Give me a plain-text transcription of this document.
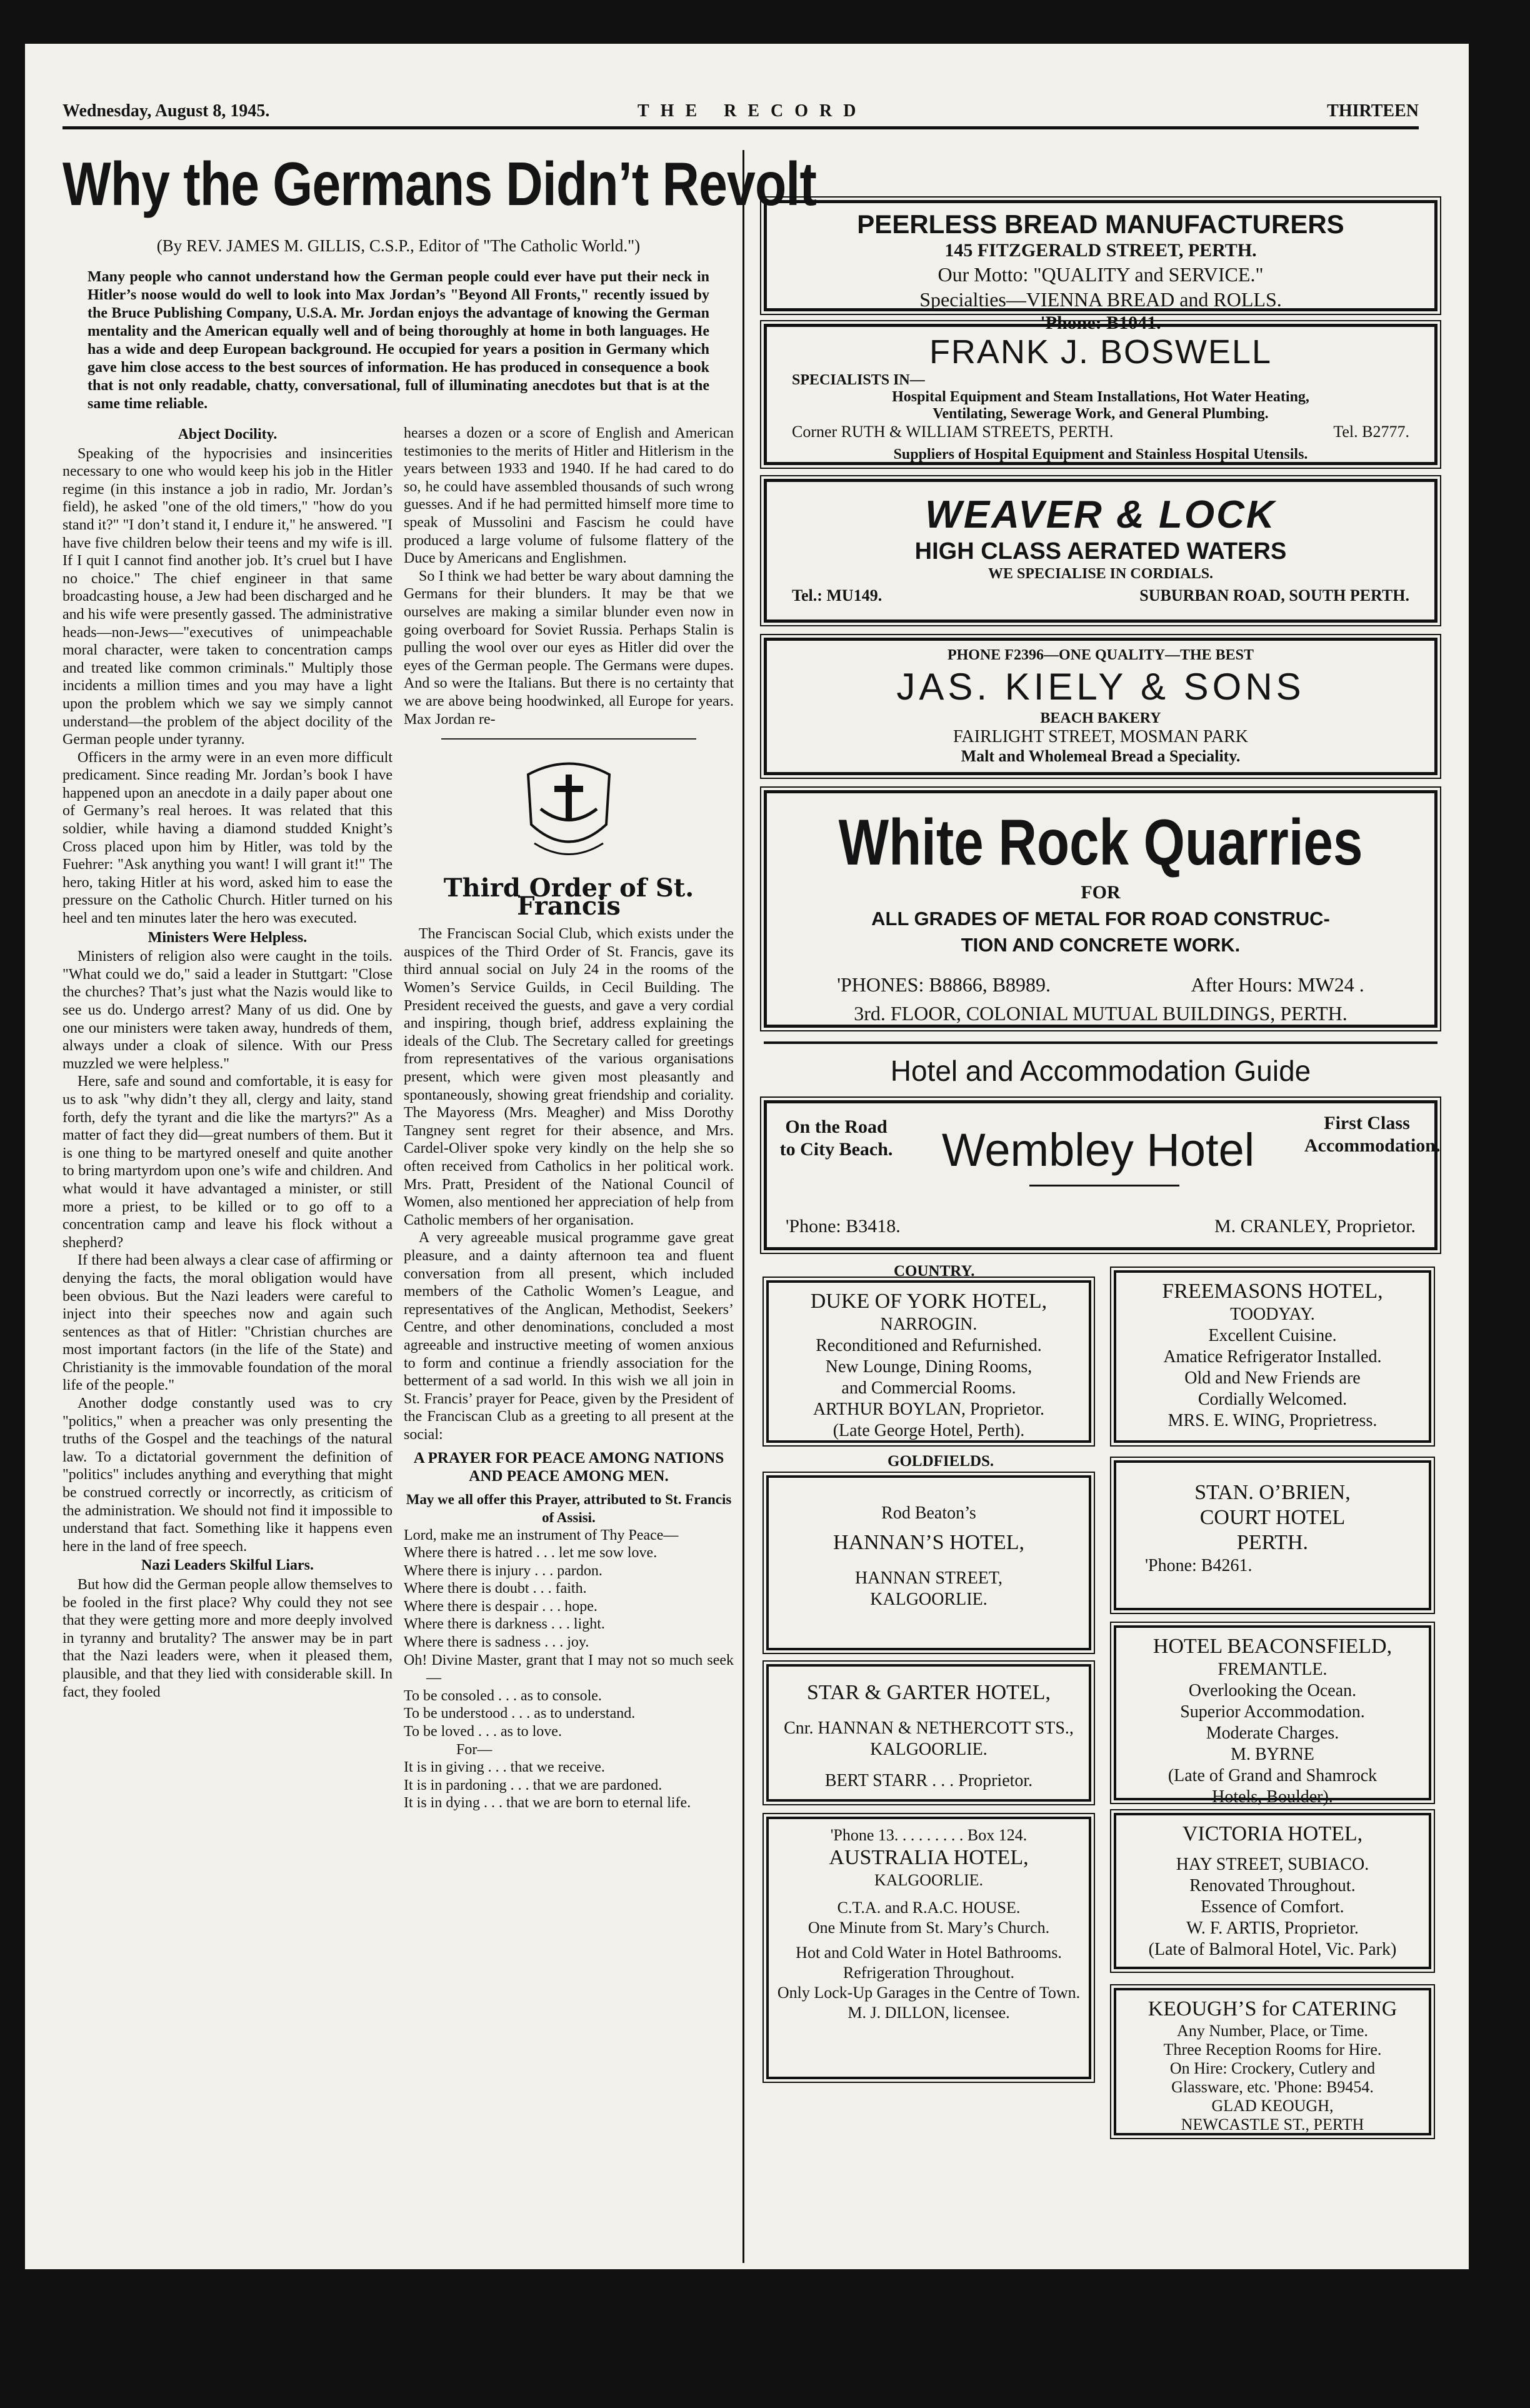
Wednesday, August 8, 1945.	THE RECORD	THIRTEEN
Why the Germans Didn’t Revolt
(By REV. JAMES M. GILLIS, C.S.P., Editor of "The Catholic World.")
Many people who cannot understand how the German people could ever have put their neck in Hitler’s noose would do well to look into Max Jordan’s "Beyond All Fronts," recently issued by the Bruce Publishing Company, U.S.A. Mr. Jordan enjoys the advantage of knowing the German mentality and the American equally well and of being thoroughly at home in both languages. He has a wide and deep European background. He occupied for years a position in Germany which gave him close access to the best sources of information. He has produced in consequence a book that is not only readable, chatty, conversational, full of illuminating anecdotes but that is at the same time reliable.
Abject Docility.

Speaking of the hypocrisies and insincerities necessary to one who would keep his job in the Hitler regime (in this instance a job in radio, Mr. Jordan’s field), he asked "one of the old timers," "how do you stand it?" "I don’t stand it, I endure it," he answered. "I have five children below their teens and my wife is ill. If I quit I cannot find another job. It’s cruel but I have no choice." The chief engineer in that same broadcasting house, a Jew had been discharged and he and his wife were presently gassed. The administrative heads—non-Jews—"executives of unimpeachable moral character, were taken to concentration camps and treated like common criminals." Multiply those incidents a million times and you may have a light upon the problem which we say we simply cannot understand—the problem of the abject docility of the German people under tyranny.

Officers in the army were in an even more difficult predicament. Since reading Mr. Jordan’s book I have happened upon an anecdote in a daily paper about one of Germany’s real heroes. It was related that this soldier, while having a diamond studded Knight’s Cross placed upon him by Hitler, was told by the Fuehrer: "Ask anything you want! I will grant it!" The hero, taking Hitler at his word, asked him to ease the pressure on the Catholic Church. Hitler turned on his heel and ten minutes later the hero was executed.

Ministers Were Helpless.

Ministers of religion also were caught in the toils. "What could we do," said a leader in Stuttgart: "Close the churches? That’s just what the Nazis would like to see us do. Undergo arrest? Many of us did. One by one our ministers were taken away, hundreds of them, always under a cloak of silence. With our Press muzzled we were helpless."

Here, safe and sound and comfortable, it is easy for us to ask "why didn’t they all, clergy and laity, stand forth, defy the tyrant and die like the martyrs?" As a matter of fact they did—great numbers of them. But it is one thing to be martyred oneself and quite another to bring martyrdom upon one’s wife and children. And what would it have advantaged a minister, or still more a priest, to be killed or to go off to a concentration camp and leave his flock without a shepherd?

If there had been always a clear case of affirming or denying the facts, the moral obligation would have been obvious. But the Nazi leaders were careful to inject into their speeches now and again such sentences as that of Hitler: "Christian churches are most important factors (in the life of the State) and Christianity is the immovable foundation of the moral life of the people."

Another dodge constantly used was to cry "politics," when a preacher was only presenting the truths of the Gospel and the teachings of the natural law. To a dictatorial government the definition of "politics" includes anything and everything that might be construed correctly or incorrectly, as criticism of the administration. We should not find it impossible to understand that fact. Something like it happens even here in the land of free speech.

Nazi Leaders Skilful Liars.

But how did the German people allow themselves to be fooled in the first place? Why could they not see that they were getting more and more deeply involved in tyranny and brutality? The answer may be in part that the Nazi leaders were, when it pleased them, plausible, and that they lied with considerable skill. In fact, they fooled

hearses a dozen or a score of English and American testimonies to the merits of Hitler and Hitlerism in the years between 1933 and 1940. If he had cared to do so, he could have assembled thousands of such wrong guesses. And if he had permitted himself more time to speak of Mussolini and Fascism he could have produced a large volume of fulsome flattery of the Duce by Americans and Englishmen.

So I think we had better be wary about damning the Germans for their blunders. It may be that we ourselves are making a similar blunder even now in going overboard for Soviet Russia. Perhaps Stalin is pulling the wool over our eyes as Hitler did over the eyes of the German people. The Germans were dupes. And so were the Italians. But there is no certainty that we are above being hoodwinked, all Europe for years. Max Jordan re-

Third Order of St. Francis

The Franciscan Social Club, which exists under the auspices of the Third Order of St. Francis, gave its third annual social on July 24 in the rooms of the Women’s Service Guilds, in Cecil Building. The President received the guests, and gave a very cordial and inspiring, though brief, address explaining the ideals of the Club. The Secretary called for greetings from representatives of the various organisations present, which were given most pleasantly and spontaneously, showing great friendship and coriality. The Mayoress (Mrs. Meagher) and Miss Dorothy Tangney sent regret for their absence, and Mrs. Cardel-Oliver spoke very kindly on the help she so often received from Catholics in her political work. Mrs. Pratt, President of the National Council of Women, also mentioned her appreciation of help from Catholic members of her organisation.

A very agreeable musical programme gave great pleasure, and a dainty afternoon tea and fluent conversation from all present, which included members of the Catholic Women’s League, and representatives of the Anglican, Methodist, Seekers’ Centre, and other denominations, concluded a most agreeable and instructive meeting of women anxious to form and continue a friendly association for the betterment of a sad world. In this wish we all join in St. Francis’ prayer for Peace, given by the President of the Franciscan Club as a greeting to all present at the social:

A PRAYER FOR PEACE AMONG NATIONS AND PEACE AMONG MEN.
May we all offer this Prayer, attributed to St. Francis of Assisi.
Lord, make me an instrument of Thy Peace—
Where there is hatred . . . let me sow love.
Where there is injury . . . pardon.
Where there is doubt . . . faith.
Where there is despair . . . hope.
Where there is darkness . . . light.
Where there is sadness . . . joy.
Oh! Divine Master, grant that I may not so much seek—
To be consoled . . . as to console.
To be understood . . . as to understand.
To be loved . . . as to love.
For—
It is in giving . . . that we receive.
It is in pardoning . . . that we are pardoned.
It is in dying . . . that we are born to eternal life.
PEERLESS BREAD MANUFACTURERS
145 FITZGERALD STREET, PERTH.
Our Motto: "QUALITY and SERVICE."
Specialties—VIENNA BREAD and ROLLS.
'Phone: B1041.
FRANK J. BOSWELL
SPECIALISTS IN—
Hospital Equipment and Steam Installations, Hot Water Heating,
Ventilating, Sewerage Work, and General Plumbing.
Corner RUTH & WILLIAM STREETS, PERTH.	Tel. B2777.
Suppliers of Hospital Equipment and Stainless Hospital Utensils.
WEAVER & LOCK
HIGH CLASS AERATED WATERS
WE SPECIALISE IN CORDIALS.
Tel.: MU149.	SUBURBAN ROAD, SOUTH PERTH.
PHONE F2396—ONE QUALITY—THE BEST
JAS. KIELY & SONS
BEACH BAKERY
FAIRLIGHT STREET, MOSMAN PARK
Malt and Wholemeal Bread a Speciality.
White Rock Quarries
FOR
ALL GRADES OF METAL FOR ROAD CONSTRUC-
TION AND CONCRETE WORK.
'PHONES: B8866, B8989.	After Hours: MW24 .
3rd. FLOOR, COLONIAL MUTUAL BUILDINGS, PERTH.
Hotel and Accommodation Guide
On the Road to City Beach.	Wembley Hotel
First Class Accommodation.
'Phone: B3418.	M. CRANLEY, Proprietor.
COUNTRY.
GOLDFIELDS.
DUKE OF YORK HOTEL,
NARROGIN.
Reconditioned and Refurnished.
New Lounge, Dining Rooms,
and Commercial Rooms.
ARTHUR BOYLAN, Proprietor.
(Late George Hotel, Perth).
FREEMASONS HOTEL,
TOODYAY.
Excellent Cuisine.
Amatice Refrigerator Installed.
Old and New Friends are
Cordially Welcomed.
MRS. E. WING, Proprietress.
Rod Beaton’s
HANNAN’S HOTEL,
HANNAN STREET,
KALGOORLIE.
STAN. O’BRIEN,
COURT HOTEL
PERTH.
'Phone: B4261.
STAR & GARTER HOTEL,
Cnr. HANNAN & NETHERCOTT STS., KALGOORLIE.
BERT STARR . . . Proprietor.
HOTEL BEACONSFIELD,
FREMANTLE.
Overlooking the Ocean.
Superior Accommodation.
Moderate Charges.
M. BYRNE
(Late of Grand and Shamrock
Hotels, Boulder).
'Phone 13. . . . . . . . . Box 124.
AUSTRALIA HOTEL,
KALGOORLIE.
C.T.A. and R.A.C. HOUSE.
One Minute from St. Mary’s Church.
Hot and Cold Water in Hotel Bathrooms.
Refrigeration Throughout.
Only Lock-Up Garages in the Centre of Town.
M. J. DILLON, licensee.
VICTORIA HOTEL,
HAY STREET, SUBIACO.
Renovated Throughout.
Essence of Comfort.
W. F. ARTIS, Proprietor.
(Late of Balmoral Hotel, Vic. Park)
KEOUGH’S for CATERING
Any Number, Place, or Time.
Three Reception Rooms for Hire.
On Hire: Crockery, Cutlery and
Glassware, etc. 'Phone: B9454.
GLAD KEOUGH,
NEWCASTLE ST., PERTH
